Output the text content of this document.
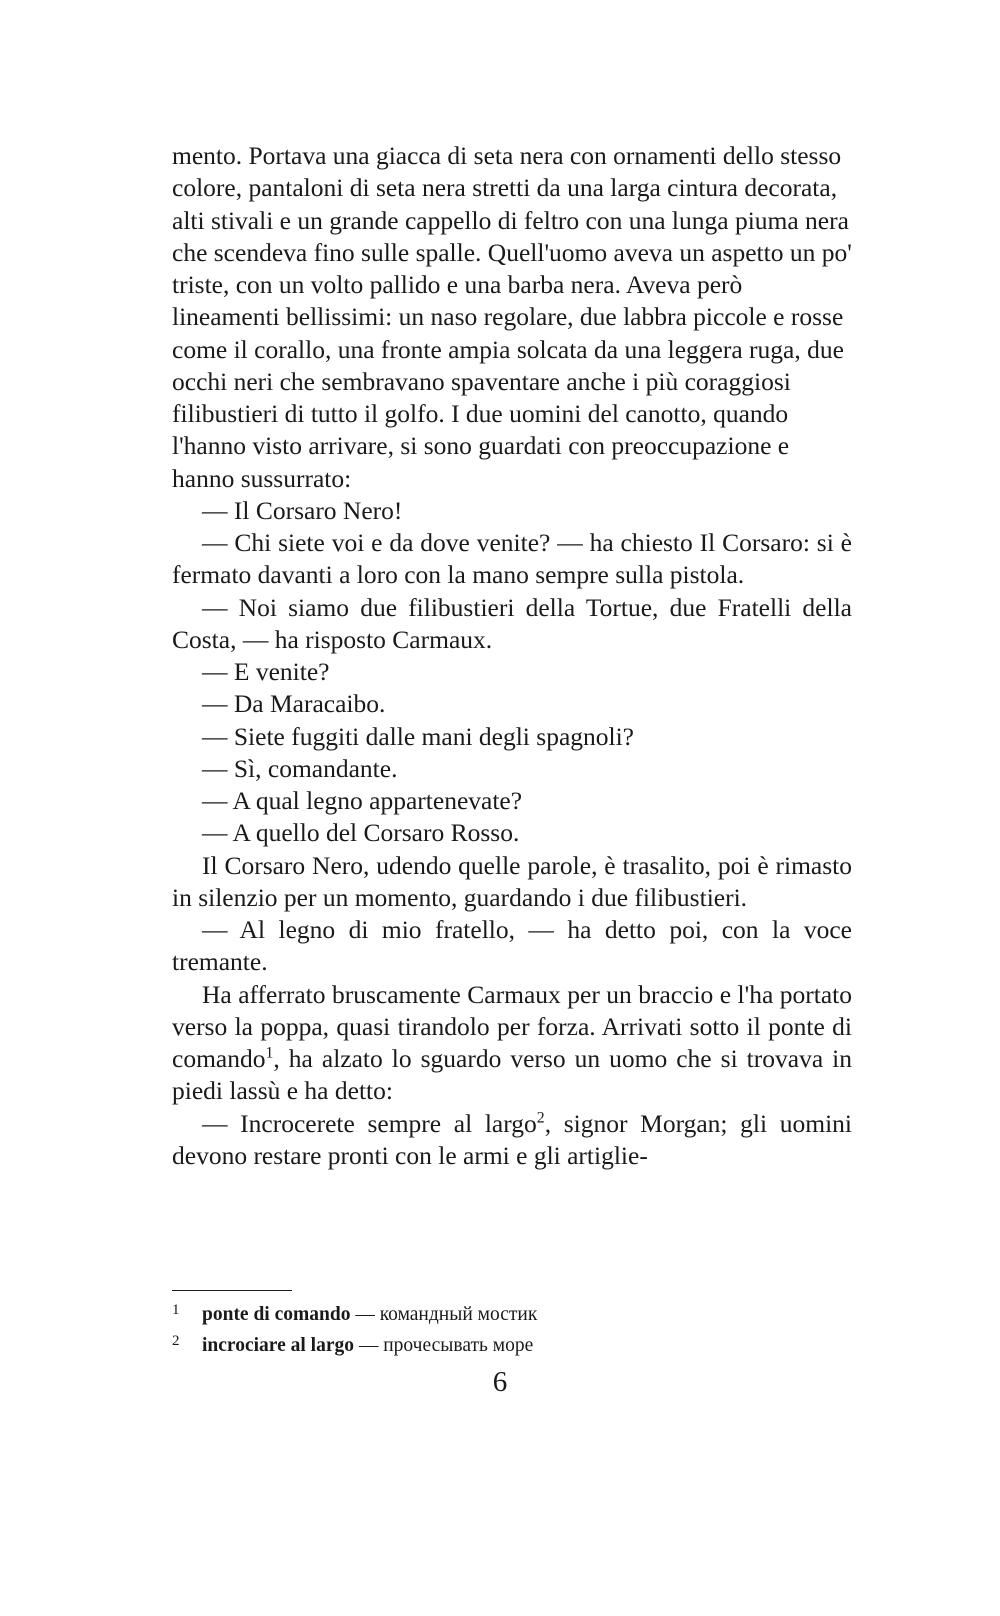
mento. Portava una giacca di seta nera con ornamenti dello stesso colore, pantaloni di seta nera stretti da una larga cintura decorata, alti stivali e un grande cappello di feltro con una lunga piuma nera che scendeva fino sulle spalle. Quell'uomo aveva un aspetto un po' triste, con un volto pallido e una barba nera. Aveva però lineamenti bellissimi: un naso regolare, due labbra piccole e rosse come il corallo, una fronte ampia solcata da una leggera ruga, due occhi neri che sembravano spaventare anche i più coraggiosi filibustieri di tutto il golfo. I due uomini del canotto, quando l'hanno visto arrivare, si sono guardati con preoccupazione e hanno sussurrato:

— Il Corsaro Nero!

— Chi siete voi e da dove venite? — ha chiesto Il Corsaro: si è fermato davanti a loro con la mano sempre sulla pistola.

— Noi siamo due filibustieri della Tortue, due Fratelli della Costa, — ha risposto Carmaux.

— E venite?

— Da Maracaibo.

— Siete fuggiti dalle mani degli spagnoli?

— Sì, comandante.

— A qual legno appartenevate?

— A quello del Corsaro Rosso.

Il Corsaro Nero, udendo quelle parole, è trasalito, poi è rimasto in silenzio per un momento, guardando i due filibustieri.

— Al legno di mio fratello, — ha detto poi, con la voce tremante.

Ha afferrato bruscamente Carmaux per un braccio e l'ha portato verso la poppa, quasi tirandolo per forza. Arrivati sotto il ponte di comando$^1$, ha alzato lo sguardo verso un uomo che si trovava in piedi lassù e ha detto:

— Incrocerete sempre al largo$^2$, signor Morgan; gli uomini devono restare pronti con le armi e gli artiglie-

1	ponte di comando — командный мостик
2	incrociare al largo — прочесывать море
6
